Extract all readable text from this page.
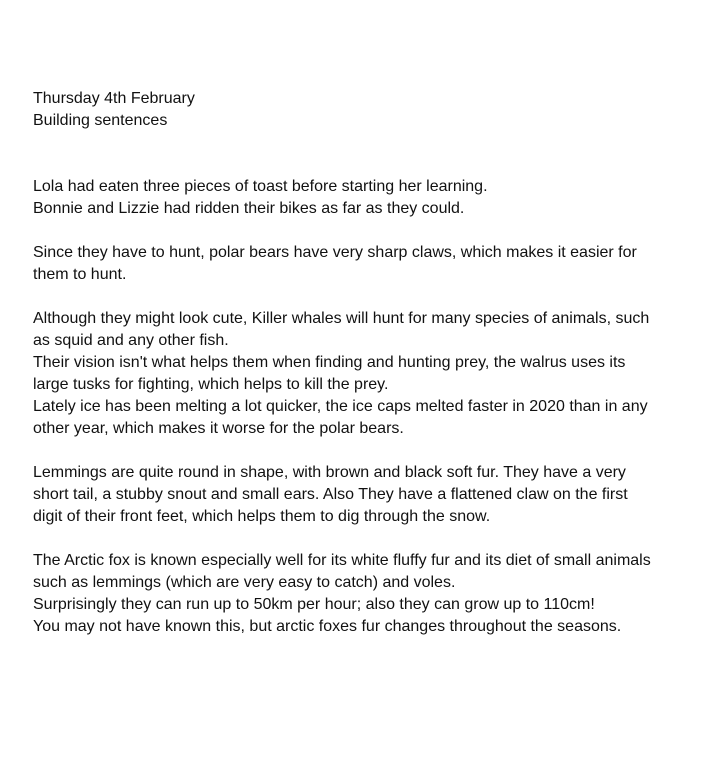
Thursday 4th February
Building sentences
Lola had eaten three pieces of toast before starting her learning.
Bonnie and Lizzie had ridden their bikes as far as they could.
Since they have to hunt, polar bears have very sharp claws, which makes it easier for
them to hunt.
Although they might look cute, Killer whales will hunt for many species of animals, such
as squid and any other fish.
Their vision isn't what helps them when finding and hunting prey, the walrus uses its
large tusks for fighting, which helps to kill the prey.
Lately ice has been melting a lot quicker, the ice caps melted faster in 2020 than in any
other year, which makes it worse for the polar bears.
Lemmings are quite round in shape, with brown and black soft fur. They have a very
short tail, a stubby snout and small ears. Also They have a flattened claw on the first
digit of their front feet, which helps them to dig through the snow.
The Arctic fox is known especially well for its white fluffy fur and its diet of small animals
such as lemmings (which are very easy to catch) and voles.
Surprisingly they can run up to 50km per hour; also they can grow up to 110cm!
You may not have known this, but arctic foxes fur changes throughout the seasons.
